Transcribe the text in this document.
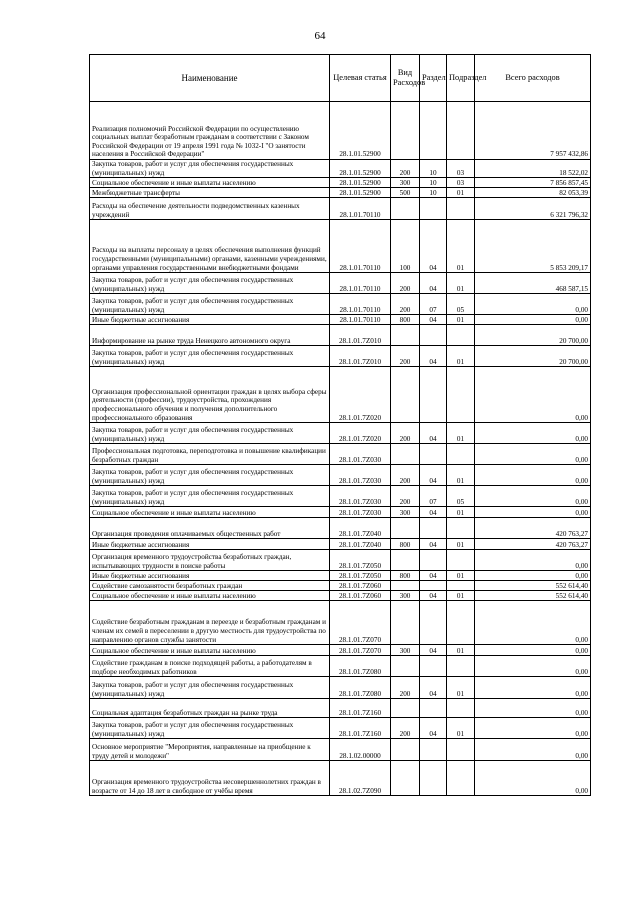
64
Наименование	Целевая статья	Вид Расходов	Раздел	Подраздел	Всего расходов
Реализация полномочий Российской Федерации по осуществлению социальных выплат безработным гражданам в соответствии с Законом Российской Федерации от 19 апреля 1991 года № 1032-I "О занятости населения в Российской Федерации"	28.1.01.52900				7 957 432,86
Закупка товаров, работ и услуг для обеспечения государственных (муниципальных) нужд	28.1.01.52900	200	10	03	18 522,02
Социальное обеспечение и иные выплаты населению	28.1.01.52900	300	10	03	7 856 857,45
Межбюджетные трансферты	28.1.01.52900	500	10	01	82 053,39
Расходы на обеспечение деятельности подведомственных казенных учреждений	28.1.01.70110				6 321 796,32
Расходы на выплаты персоналу в целях обеспечения выполнения функций государственными (муниципальными) органами, казенными учреждениями, органами управления государственными внебюджетными фондами	28.1.01.70110	100	04	01	5 853 209,17
Закупка товаров, работ и услуг для обеспечения государственных (муниципальных) нужд	28.1.01.70110	200	04	01	468 587,15
Закупка товаров, работ и услуг для обеспечения государственных (муниципальных) нужд	28.1.01.70110	200	07	05	0,00
Иные бюджетные ассигнования	28.1.01.70110	800	04	01	0,00
Информирование на рынке труда Ненецкого автономного округа	28.1.01.7Z010				20 700,00
Закупка товаров, работ и услуг для обеспечения государственных (муниципальных) нужд	28.1.01.7Z010	200	04	01	20 700,00
Организация профессиональной ориентации граждан в целях выбора сферы деятельности (профессии), трудоустройства, прохождения профессионального обучения и получения дополнительного профессионального образования	28.1.01.7Z020				0,00
Закупка товаров, работ и услуг для обеспечения государственных (муниципальных) нужд	28.1.01.7Z020	200	04	01	0,00
Профессиональная подготовка, переподготовка и повышение квалификации безработных граждан	28.1.01.7Z030				0,00
Закупка товаров, работ и услуг для обеспечения государственных (муниципальных) нужд	28.1.01.7Z030	200	04	01	0,00
Закупка товаров, работ и услуг для обеспечения государственных (муниципальных) нужд	28.1.01.7Z030	200	07	05	0,00
Социальное обеспечение и иные выплаты населению	28.1.01.7Z030	300	04	01	0,00
Организация проведения оплачиваемых общественных работ	28.1.01.7Z040				420 763,27
Иные бюджетные ассигнования	28.1.01.7Z040	800	04	01	420 763,27
Организация временного трудоустройства безработных граждан, испытывающих трудности в поиске работы	28.1.01.7Z050				0,00
Иные бюджетные ассигнования	28.1.01.7Z050	800	04	01	0,00
Содействие самозанятости безработных граждан	28.1.01.7Z060				552 614,40
Социальное обеспечение и иные выплаты населению	28.1.01.7Z060	300	04	01	552 614,40
Содействие безработным гражданам в переезде и безработным гражданам и членам их семей в переселении в другую местность для трудоустройства по направлению органов службы занятости	28.1.01.7Z070				0,00
Социальное обеспечение и иные выплаты населению	28.1.01.7Z070	300	04	01	0,00
Содействие гражданам в поиске подходящей работы, а работодателям в подборе необходимых работников	28.1.01.7Z080				0,00
Закупка товаров, работ и услуг для обеспечения государственных (муниципальных) нужд	28.1.01.7Z080	200	04	01	0,00
Социальная адаптация безработных граждан на рынке труда	28.1.01.7Z160				0,00
Закупка товаров, работ и услуг для обеспечения государственных (муниципальных) нужд	28.1.01.7Z160	200	04	01	0,00
Основное мероприятие "Мероприятия, направленные на приобщение к труду детей и молодежи"	28.1.02.00000				0,00
Организация временного трудоустройства несовершеннолетних граждан в возрасте от 14 до 18 лет в свободное от учёбы время	28.1.02.7Z090				0,00
